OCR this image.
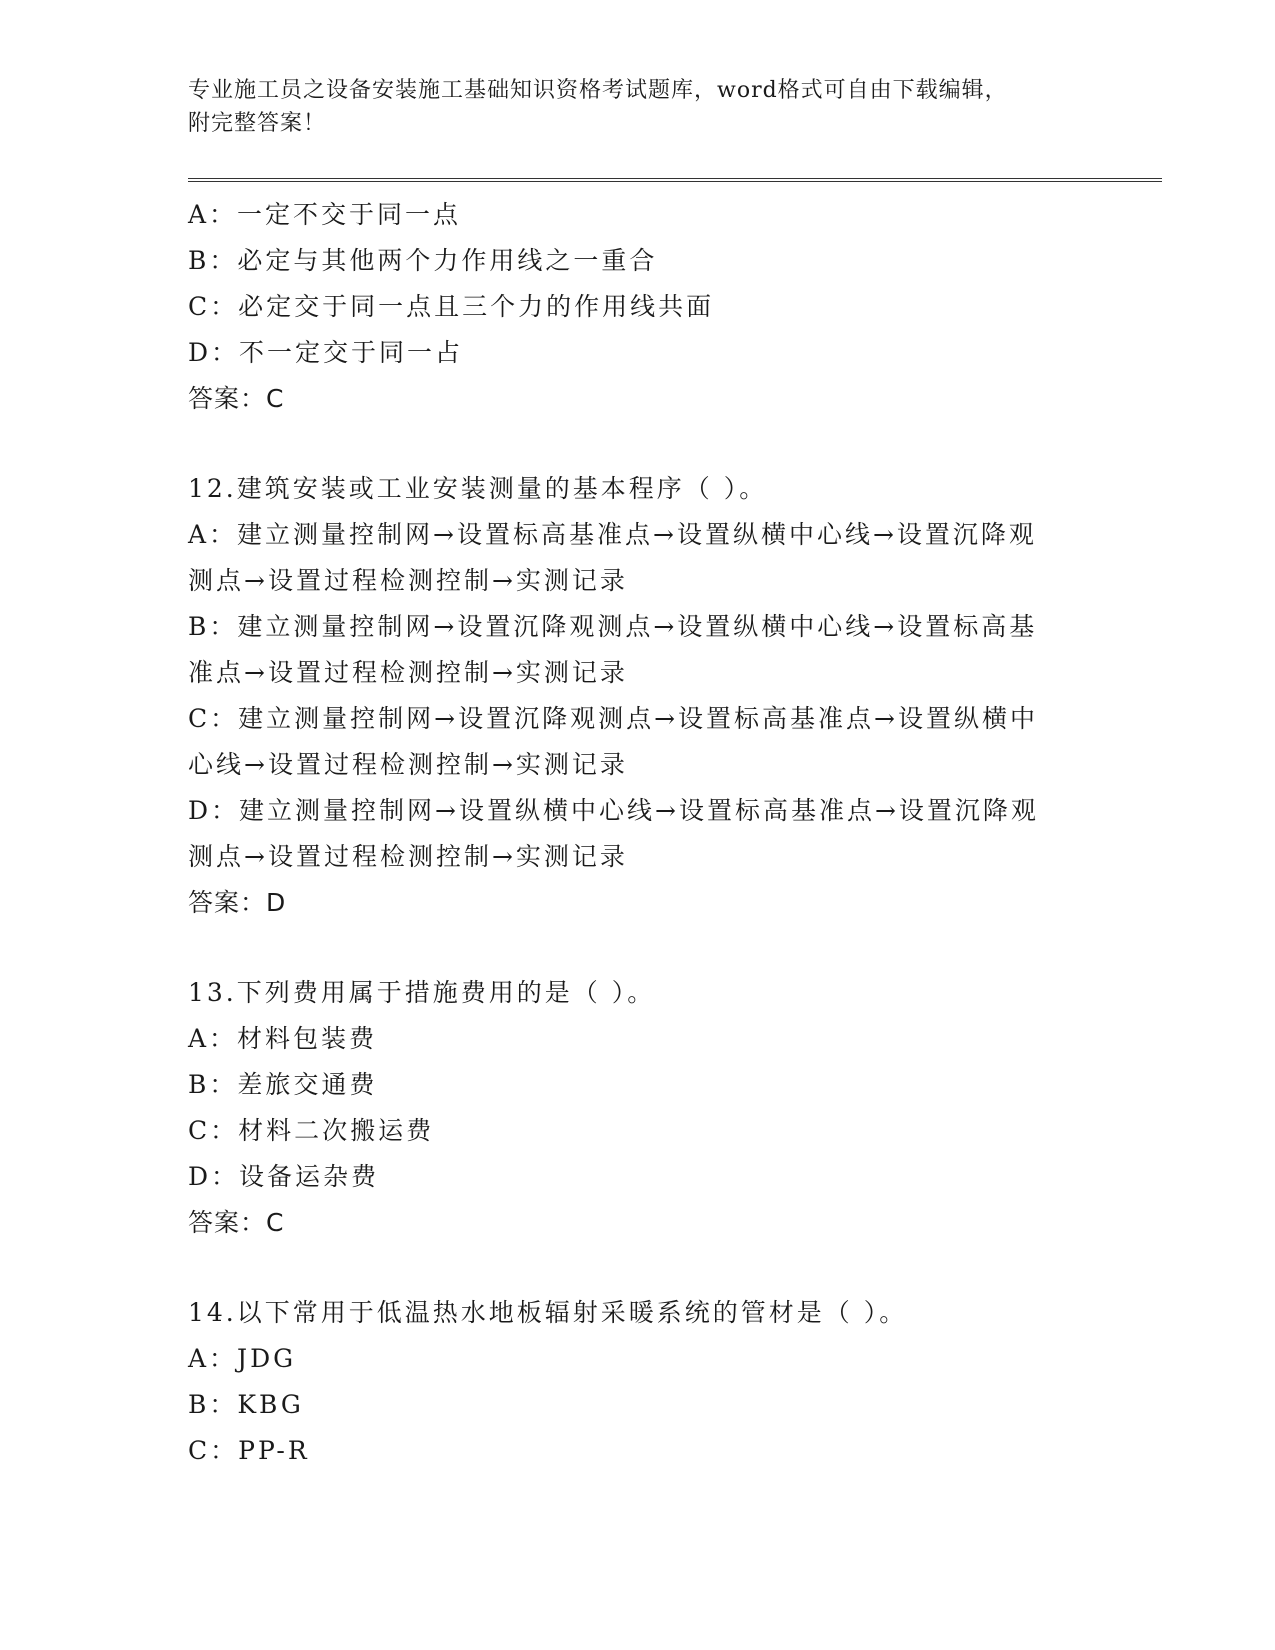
专业施工员之设备安装施工基础知识资格考试题库，word格式可自由下载编辑，
附完整答案！
A：一定不交于同一点
B：必定与其他两个力作用线之一重合
C：必定交于同一点且三个力的作用线共面
D：不一定交于同一占
答案：C
12.建筑安装或工业安装测量的基本程序（ ）。
A：建立测量控制网→设置标高基准点→设置纵横中心线→设置沉降观
测点→设置过程检测控制→实测记录
B：建立测量控制网→设置沉降观测点→设置纵横中心线→设置标高基
准点→设置过程检测控制→实测记录
C：建立测量控制网→设置沉降观测点→设置标高基准点→设置纵横中
心线→设置过程检测控制→实测记录
D：建立测量控制网→设置纵横中心线→设置标高基准点→设置沉降观
测点→设置过程检测控制→实测记录
答案：D
13.下列费用属于措施费用的是（ ）。
A：材料包装费
B：差旅交通费
C：材料二次搬运费
D：设备运杂费
答案：C
14.以下常用于低温热水地板辐射采暖系统的管材是（ ）。
A：JDG
B：KBG
C：PP-R
